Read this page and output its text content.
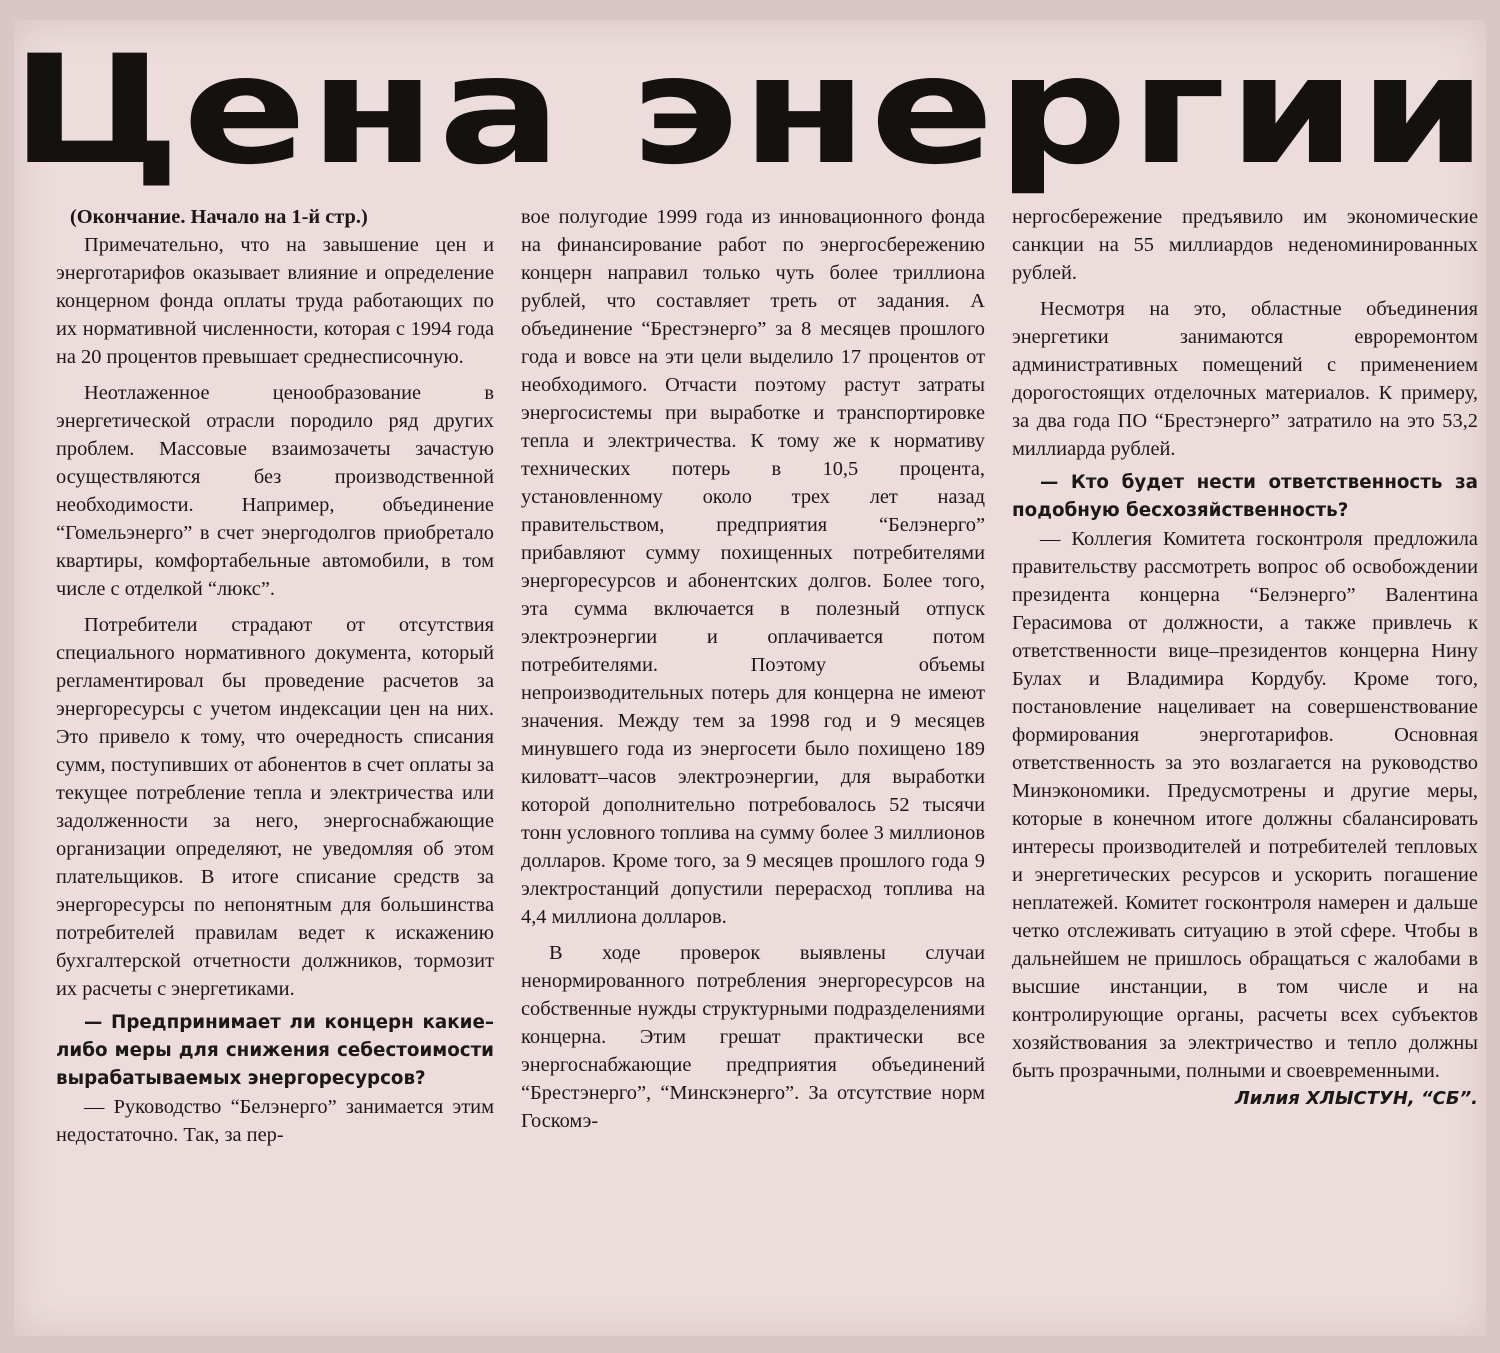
Цена энергии

(Окончание. Начало на 1-й стр.)

Примечательно, что на завышение цен и энерготарифов оказывает влияние и определение концерном фонда оплаты труда работающих по их нормативной численности, которая с 1994 года на 20 процентов превышает среднесписочную.

Неотлаженное ценообразование в энергетической отрасли породило ряд других проблем. Массовые взаимозачеты зачастую осуществляются без производственной необходимости. Например, объединение “Гомельэнерго” в счет энергодолгов приобретало квартиры, комфортабельные автомобили, в том числе с отделкой “люкс”.

Потребители страдают от отсутствия специального нормативного документа, который регламентировал бы проведение расчетов за энергоресурсы с учетом индексации цен на них. Это привело к тому, что очередность списания сумм, поступивших от абонентов в счет оплаты за текущее потребление тепла и электричества или задолженности за него, энергоснабжающие организации определяют, не уведомляя об этом плательщиков. В итоге списание средств за энергоресурсы по непонятным для большинства потребителей правилам ведет к искажению бухгалтерской отчетности должников, тормозит их расчеты с энергетиками.

— Предпринимает ли концерн какие–либо меры для снижения себестоимости вырабатываемых энергоресурсов?

— Руководство “Белэнерго” занимается этим недостаточно. Так, за пер-

вое полугодие 1999 года из инновационного фонда на финансирование работ по энергосбережению концерн направил только чуть более триллиона рублей, что составляет треть от задания. А объединение “Брестэнерго” за 8 месяцев прошлого года и вовсе на эти цели выделило 17 процентов от необходимого. Отчасти поэтому растут затраты энергосистемы при выработке и транспортировке тепла и электричества. К тому же к нормативу технических потерь в 10,5 процента, установленному около трех лет назад правительством, предприятия “Белэнерго” прибавляют сумму похищенных потребителями энергоресурсов и абонентских долгов. Более того, эта сумма включается в полезный отпуск электроэнергии и оплачивается потом потребителями. Поэтому объемы непроизводительных потерь для концерна не имеют значения. Между тем за 1998 год и 9 месяцев минувшего года из энергосети было похищено 189 киловатт–часов электроэнергии, для выработки которой дополнительно потребовалось 52 тысячи тонн условного топлива на сумму более 3 миллионов долларов. Кроме того, за 9 месяцев прошлого года 9 электростанций допустили перерасход топлива на 4,4 миллиона долларов.

В ходе проверок выявлены случаи ненормированного потребления энергоресурсов на собственные нужды структурными подразделениями концерна. Этим грешат практически все энергоснабжающие предприятия объединений “Брестэнерго”, “Минскэнерго”. За отсутствие норм Госкомэ-

нергосбережение предъявило им экономические санкции на 55 миллиардов неденоминированных рублей.

Несмотря на это, областные объединения энергетики занимаются евроремонтом административных помещений с применением дорогостоящих отделочных материалов. К примеру, за два года ПО “Брестэнерго” затратило на это 53,2 миллиарда рублей.

— Кто будет нести ответственность за подобную бесхозяйственность?

— Коллегия Комитета госконтроля предложила правительству рассмотреть вопрос об освобождении президента концерна “Белэнерго” Валентина Герасимова от должности, а также привлечь к ответственности вице–президентов концерна Нину Булах и Владимира Кордубу. Кроме того, постановление нацеливает на совершенствование формирования энерготарифов. Основная ответственность за это возлагается на руководство Минэкономики. Предусмотрены и другие меры, которые в конечном итоге должны сбалансировать интересы производителей и потребителей тепловых и энергетических ресурсов и ускорить погашение неплатежей. Комитет госконтроля намерен и дальше четко отслеживать ситуацию в этой сфере. Чтобы в дальнейшем не пришлось обращаться с жалобами в высшие инстанции, в том числе и на контролирующие органы, расчеты всех субъектов хозяйствования за электричество и тепло должны быть прозрачными, полными и своевременными.

Лилия ХЛЫСТУН, “СБ”.
